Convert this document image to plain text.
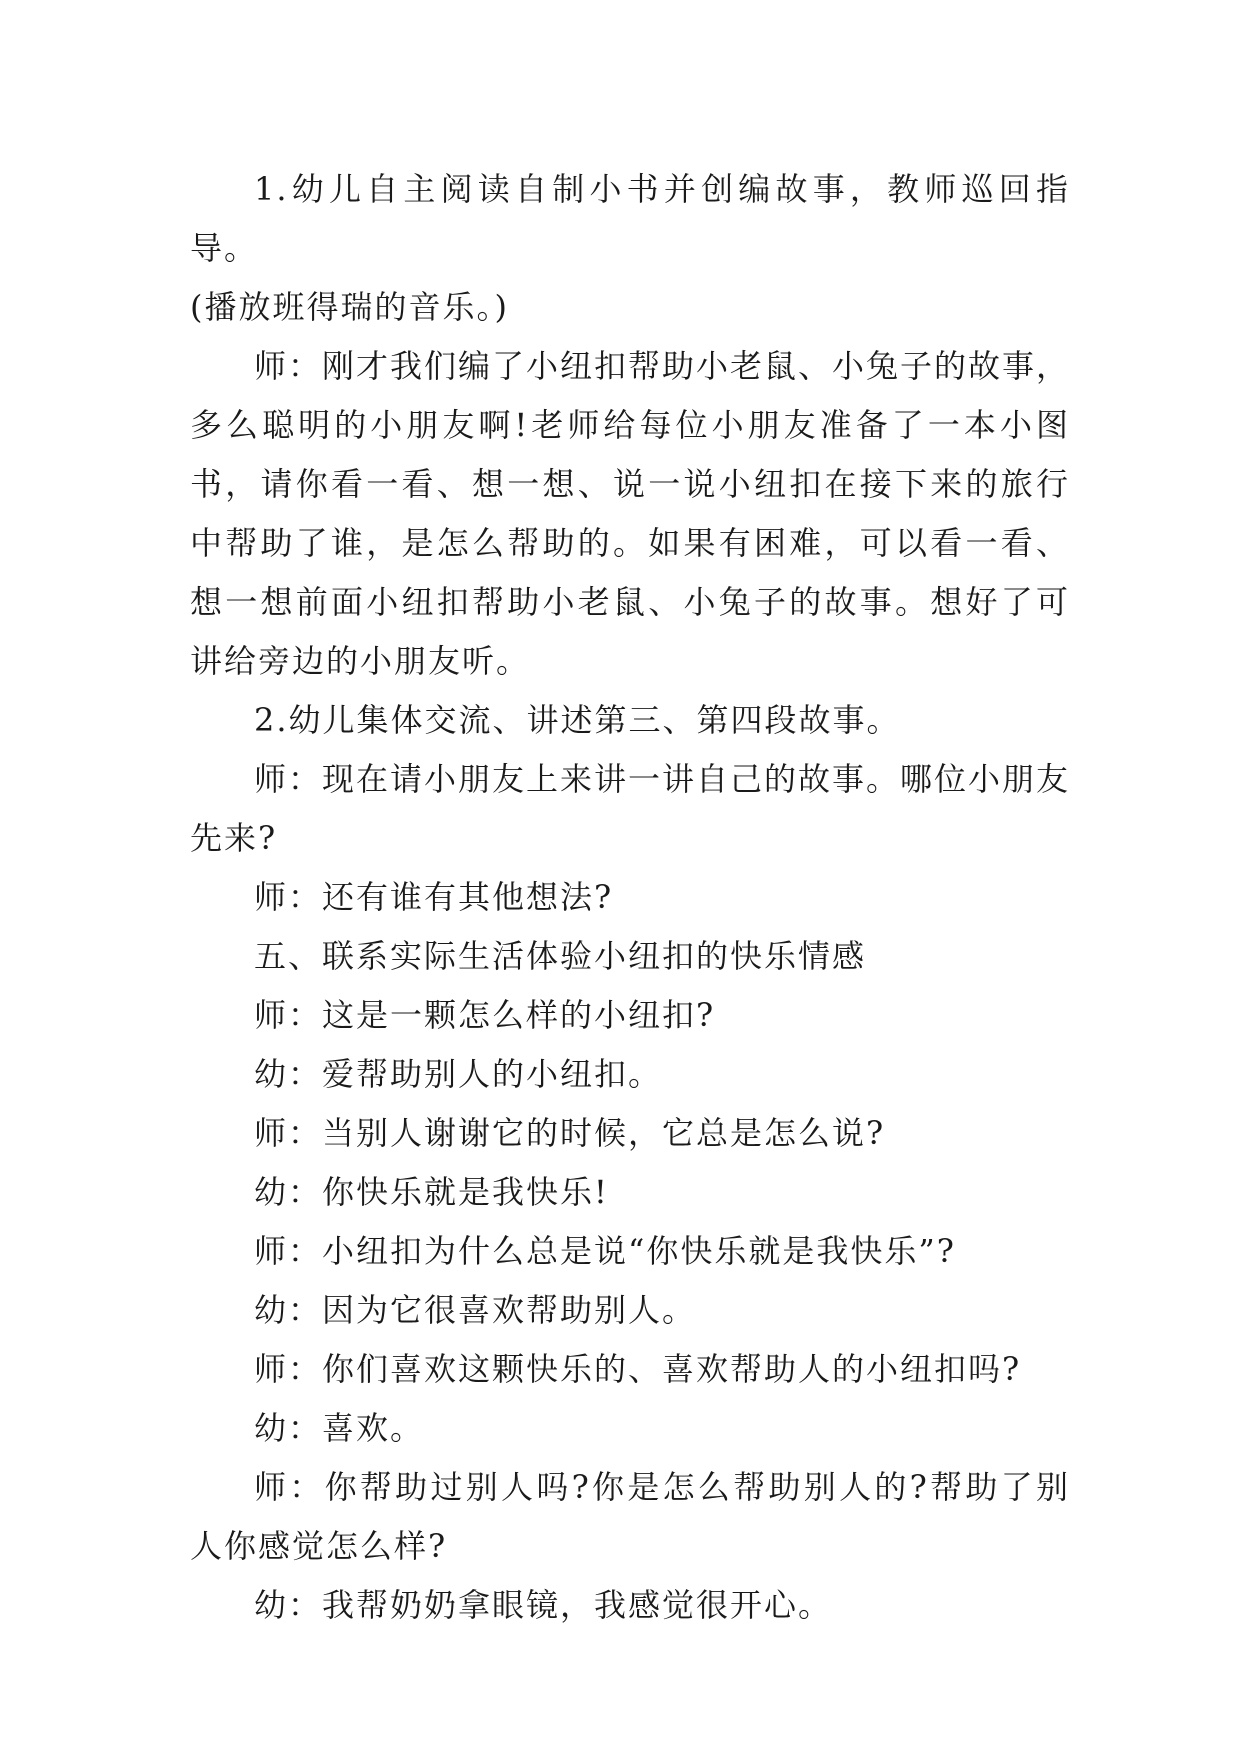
1.幼儿自主阅读自制小书并创编故事，教师巡回指导。

(播放班得瑞的音乐。)

师：刚才我们编了小纽扣帮助小老鼠、小兔子的故事，多么聪明的小朋友啊!老师给每位小朋友准备了一本小图书，请你看一看、想一想、说一说小纽扣在接下来的旅行中帮助了谁，是怎么帮助的。如果有困难，可以看一看、想一想前面小纽扣帮助小老鼠、小兔子的故事。想好了可讲给旁边的小朋友听。

2.幼儿集体交流、讲述第三、第四段故事。

师：现在请小朋友上来讲一讲自己的故事。哪位小朋友先来?

师：还有谁有其他想法?

五、联系实际生活体验小纽扣的快乐情感

师：这是一颗怎么样的小纽扣?

幼：爱帮助别人的小纽扣。

师：当别人谢谢它的时候，它总是怎么说?

幼：你快乐就是我快乐!

师：小纽扣为什么总是说“你快乐就是我快乐”?

幼：因为它很喜欢帮助别人。

师：你们喜欢这颗快乐的、喜欢帮助人的小纽扣吗?

幼：喜欢。

师：你帮助过别人吗?你是怎么帮助别人的?帮助了别人你感觉怎么样?

幼：我帮奶奶拿眼镜，我感觉很开心。
